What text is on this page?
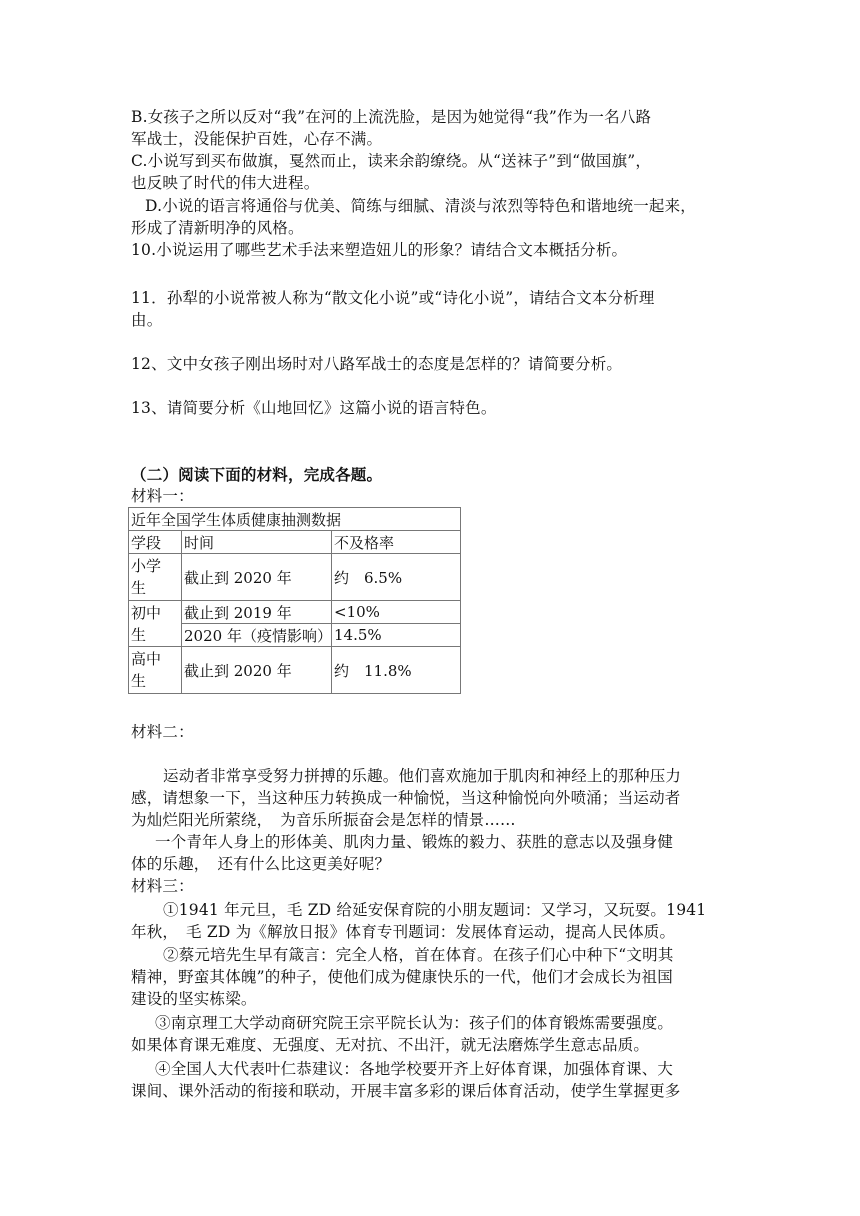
B.女孩子之所以反对“我”在河的上流洗脸，是因为她觉得“我”作为一名八路
军战士，没能保护百姓，心存不满。
C.小说写到买布做旗，戛然而止，读来余韵缭绕。从“送袜子”到“做国旗”，
也反映了时代的伟大进程。
D.小说的语言将通俗与优美、简练与细腻、清淡与浓烈等特色和谐地统一起来，
形成了清新明净的风格。
10.小说运用了哪些艺术手法来塑造妞儿的形象？请结合文本概括分析。
11．孙犁的小说常被人称为“散文化小说”或“诗化小说”，请结合文本分析理
由。
12、文中女孩子刚出场时对八路军战士的态度是怎样的？请简要分析。
13、请简要分析《山地回忆》这篇小说的语言特色。
（二）阅读下面的材料，完成各题。
材料一：
近年全国学生体质健康抽测数据		
学段	时间	不及格率

小学
生	截止到 2020 年	约　6.5%

初中
生	截止到 2019 年	<10%
	2020 年（疫情影响）	14.5%

高中
生	截止到 2020 年	约　11.8%
材料二：
运动者非常享受努力拼搏的乐趣。他们喜欢施加于肌肉和神经上的那种压力
感，请想象一下，当这种压力转换成一种愉悦，当这种愉悦向外喷涌；当运动者
为灿烂阳光所萦绕，　为音乐所振奋会是怎样的情景……
一个青年人身上的形体美、肌肉力量、锻炼的毅力、获胜的意志以及强身健
体的乐趣，　还有什么比这更美好呢？
材料三：
①1941 年元旦，毛 ZD 给延安保育院的小朋友题词：又学习，又玩耍。1941
年秋，　毛 ZD 为《解放日报》体育专刊题词：发展体育运动，提高人民体质。
②蔡元培先生早有箴言：完全人格，首在体育。在孩子们心中种下“文明其
精神，野蛮其体魄”的种子，使他们成为健康快乐的一代，他们才会成长为祖国
建设的坚实栋梁。
③南京理工大学动商研究院王宗平院长认为：孩子们的体育锻炼需要强度。
如果体育课无难度、无强度、无对抗、不出汗，就无法磨炼学生意志品质。
④全国人大代表叶仁恭建议：各地学校要开齐上好体育课，加强体育课、大
课间、课外活动的衔接和联动，开展丰富多彩的课后体育活动，使学生掌握更多
